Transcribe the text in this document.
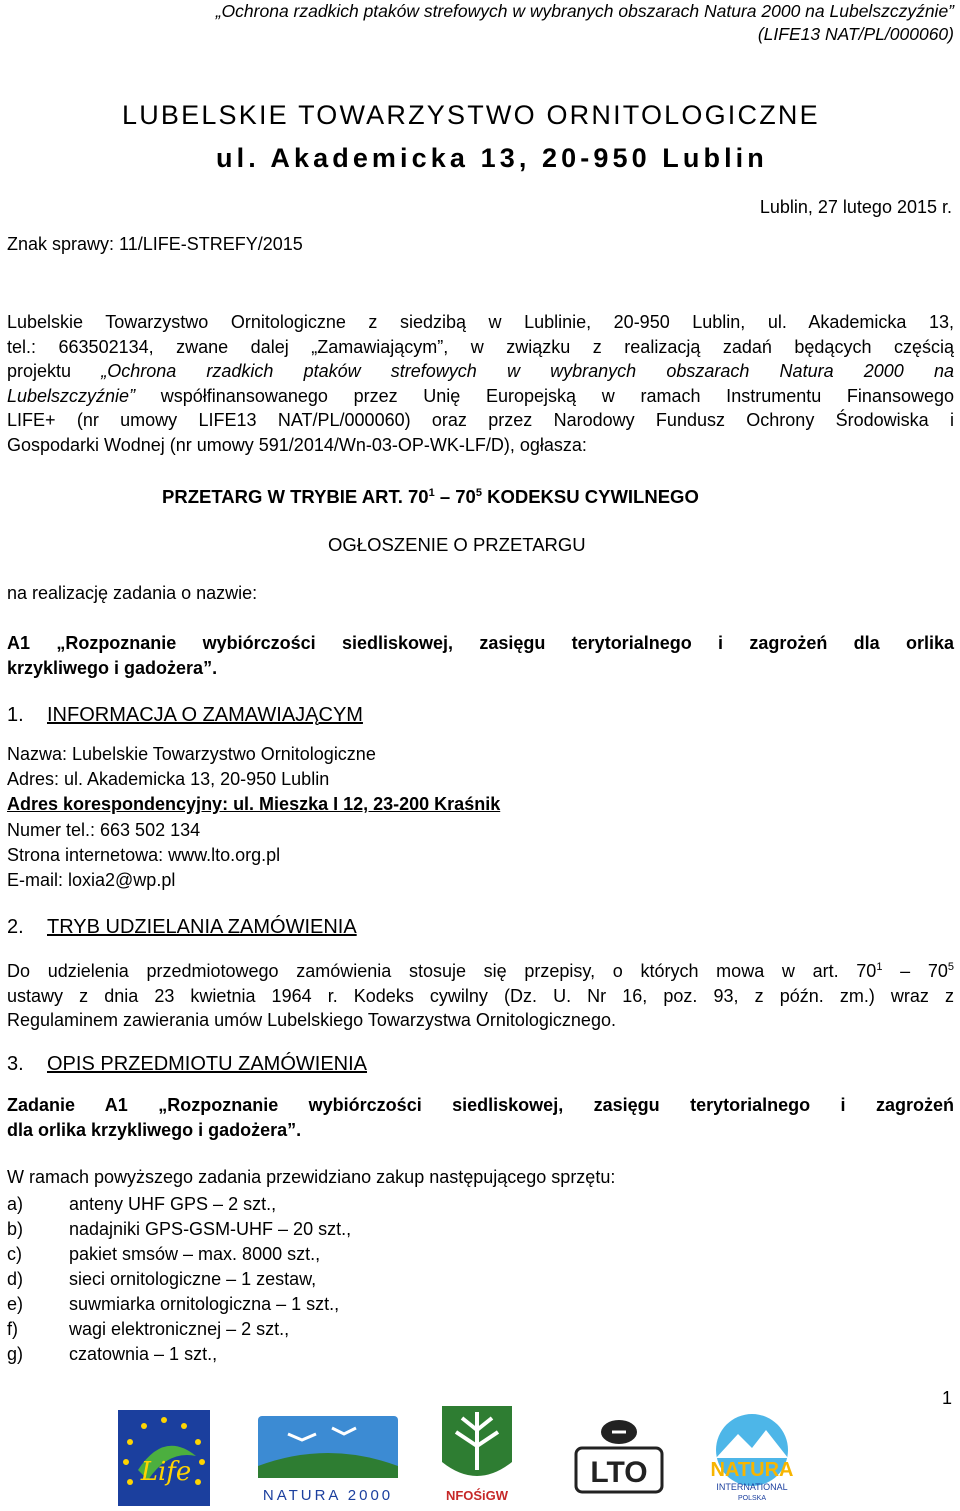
„Ochrona rzadkich ptaków strefowych w wybranych obszarach Natura 2000 na Lubelszczyźnie”
(LIFE13 NAT/PL/000060)
LUBELSKIE TOWARZYSTWO ORNITOLOGICZNE
ul. Akademicka 13, 20-950 Lublin
Lublin, 27 lutego 2015 r.
Znak sprawy: 11/LIFE-STREFY/2015
Lubelskie Towarzystwo Ornitologiczne z siedzibą w Lublinie, 20-950 Lublin, ul. Akademicka 13,
tel.: 663502134, zwane dalej „Zamawiającym”, w związku z realizacją zadań będących częścią
projektu „Ochrona rzadkich ptaków strefowych w wybranych obszarach Natura 2000 na
Lubelszczyźnie” współfinansowanego przez Unię Europejską w ramach Instrumentu Finansowego
LIFE+ (nr umowy LIFE13 NAT/PL/000060) oraz przez Narodowy Fundusz Ochrony Środowiska i
Gospodarki Wodnej (nr umowy 591/2014/Wn-03-OP-WK-LF/D), ogłasza:
PRZETARG W TRYBIE ART. $70^1 - 70^5$ KODEKSU CYWILNEGO
OGŁOSZENIE O PRZETARGU
na realizację zadania o nazwie:
A1 „Rozpoznanie wybiórczości siedliskowej, zasięgu terytorialnego i zagrożeń dla orlika
krzykliwego i gadożera”.
1. INFORMACJA O ZAMAWIAJĄCYM
Nazwa: Lubelskie Towarzystwo Ornitologiczne
Adres: ul. Akademicka 13, 20-950 Lublin
Adres korespondencyjny: ul. Mieszka I 12, 23-200 Kraśnik
Numer tel.: 663 502 134
Strona internetowa: www.lto.org.pl
E-mail: loxia2@wp.pl
2. TRYB UDZIELANIA ZAMÓWIENIA
Do udzielenia przedmiotowego zamówienia stosuje się przepisy, o których mowa w art. $70^1 - 70^5$
ustawy z dnia 23 kwietnia 1964 r. Kodeks cywilny (Dz. U. Nr 16, poz. 93, z późn. zm.) wraz z
Regulaminem zawierania umów Lubelskiego Towarzystwa Ornitologicznego.
3. OPIS PRZEDMIOTU ZAMÓWIENIA
Zadanie A1 „Rozpoznanie wybiórczości siedliskowej, zasięgu terytorialnego i zagrożeń
dla orlika krzykliwego i gadożera”.
W ramach powyższego zadania przewidziano zakup następującego sprzętu:
a)	anteny UHF GPS – 2 szt.,
b)	nadajniki GPS-GSM-UHF – 20 szt.,
c)	pakiet smsów – max. 8000 szt.,
d)	sieci ornitologiczne – 1 zestaw,
e)	suwmiarka ornitologiczna – 1 szt.,
f)	wagi elektronicznej – 2 szt.,
g)	czatownia – 1 szt.,
1
Life
NATURA 2000	NFOŚiGW
LTO	NATURA
INTERNATIONAL
POLSKA
